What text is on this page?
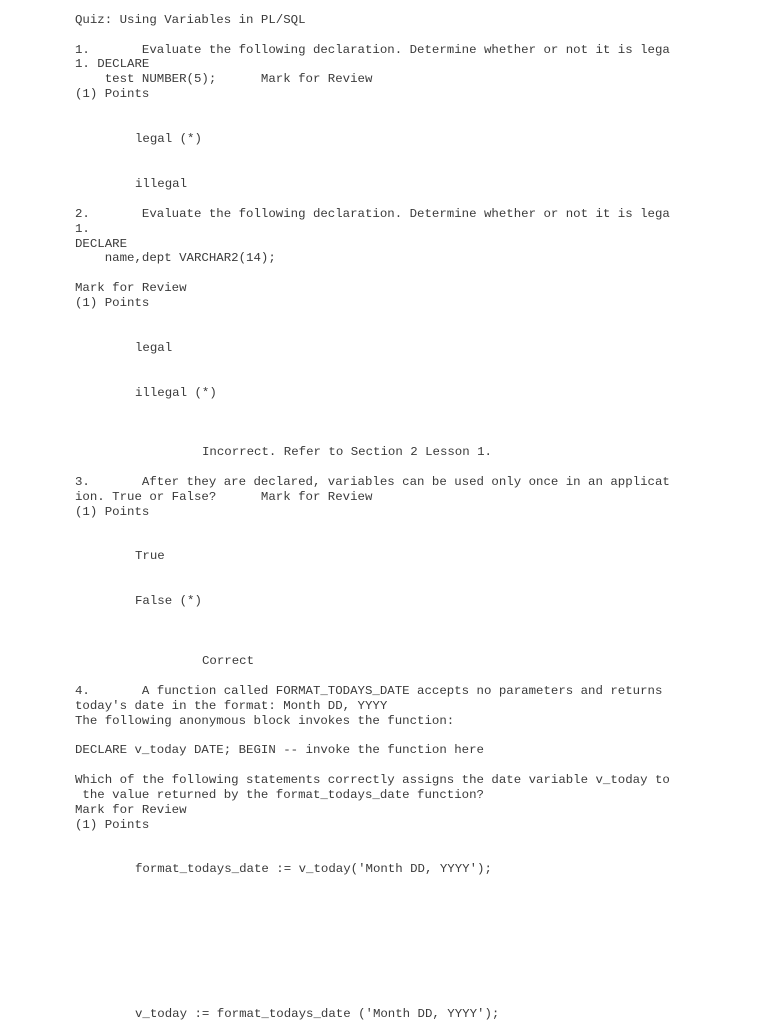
Quiz: Using Variables in PL/SQL
1.       Evaluate the following declaration. Determine whether or not it is lega
1. DECLARE
test NUMBER(5);      Mark for Review
(1) Points
legal (*)
illegal
2.       Evaluate the following declaration. Determine whether or not it is lega
1.
DECLARE
name,dept VARCHAR2(14);
Mark for Review
(1) Points
legal
illegal (*)
Incorrect. Refer to Section 2 Lesson 1.
3.       After they are declared, variables can be used only once in an applicat
ion. True or False?      Mark for Review
(1) Points
True
False (*)
Correct
4.       A function called FORMAT_TODAYS_DATE accepts no parameters and returns
today's date in the format: Month DD, YYYY
The following anonymous block invokes the function:
DECLARE v_today DATE; BEGIN -- invoke the function here
Which of the following statements correctly assigns the date variable v_today to
the value returned by the format_todays_date function?
Mark for Review
(1) Points
format_todays_date := v_today('Month DD, YYYY');
v_today := format_todays_date ('Month DD, YYYY');
